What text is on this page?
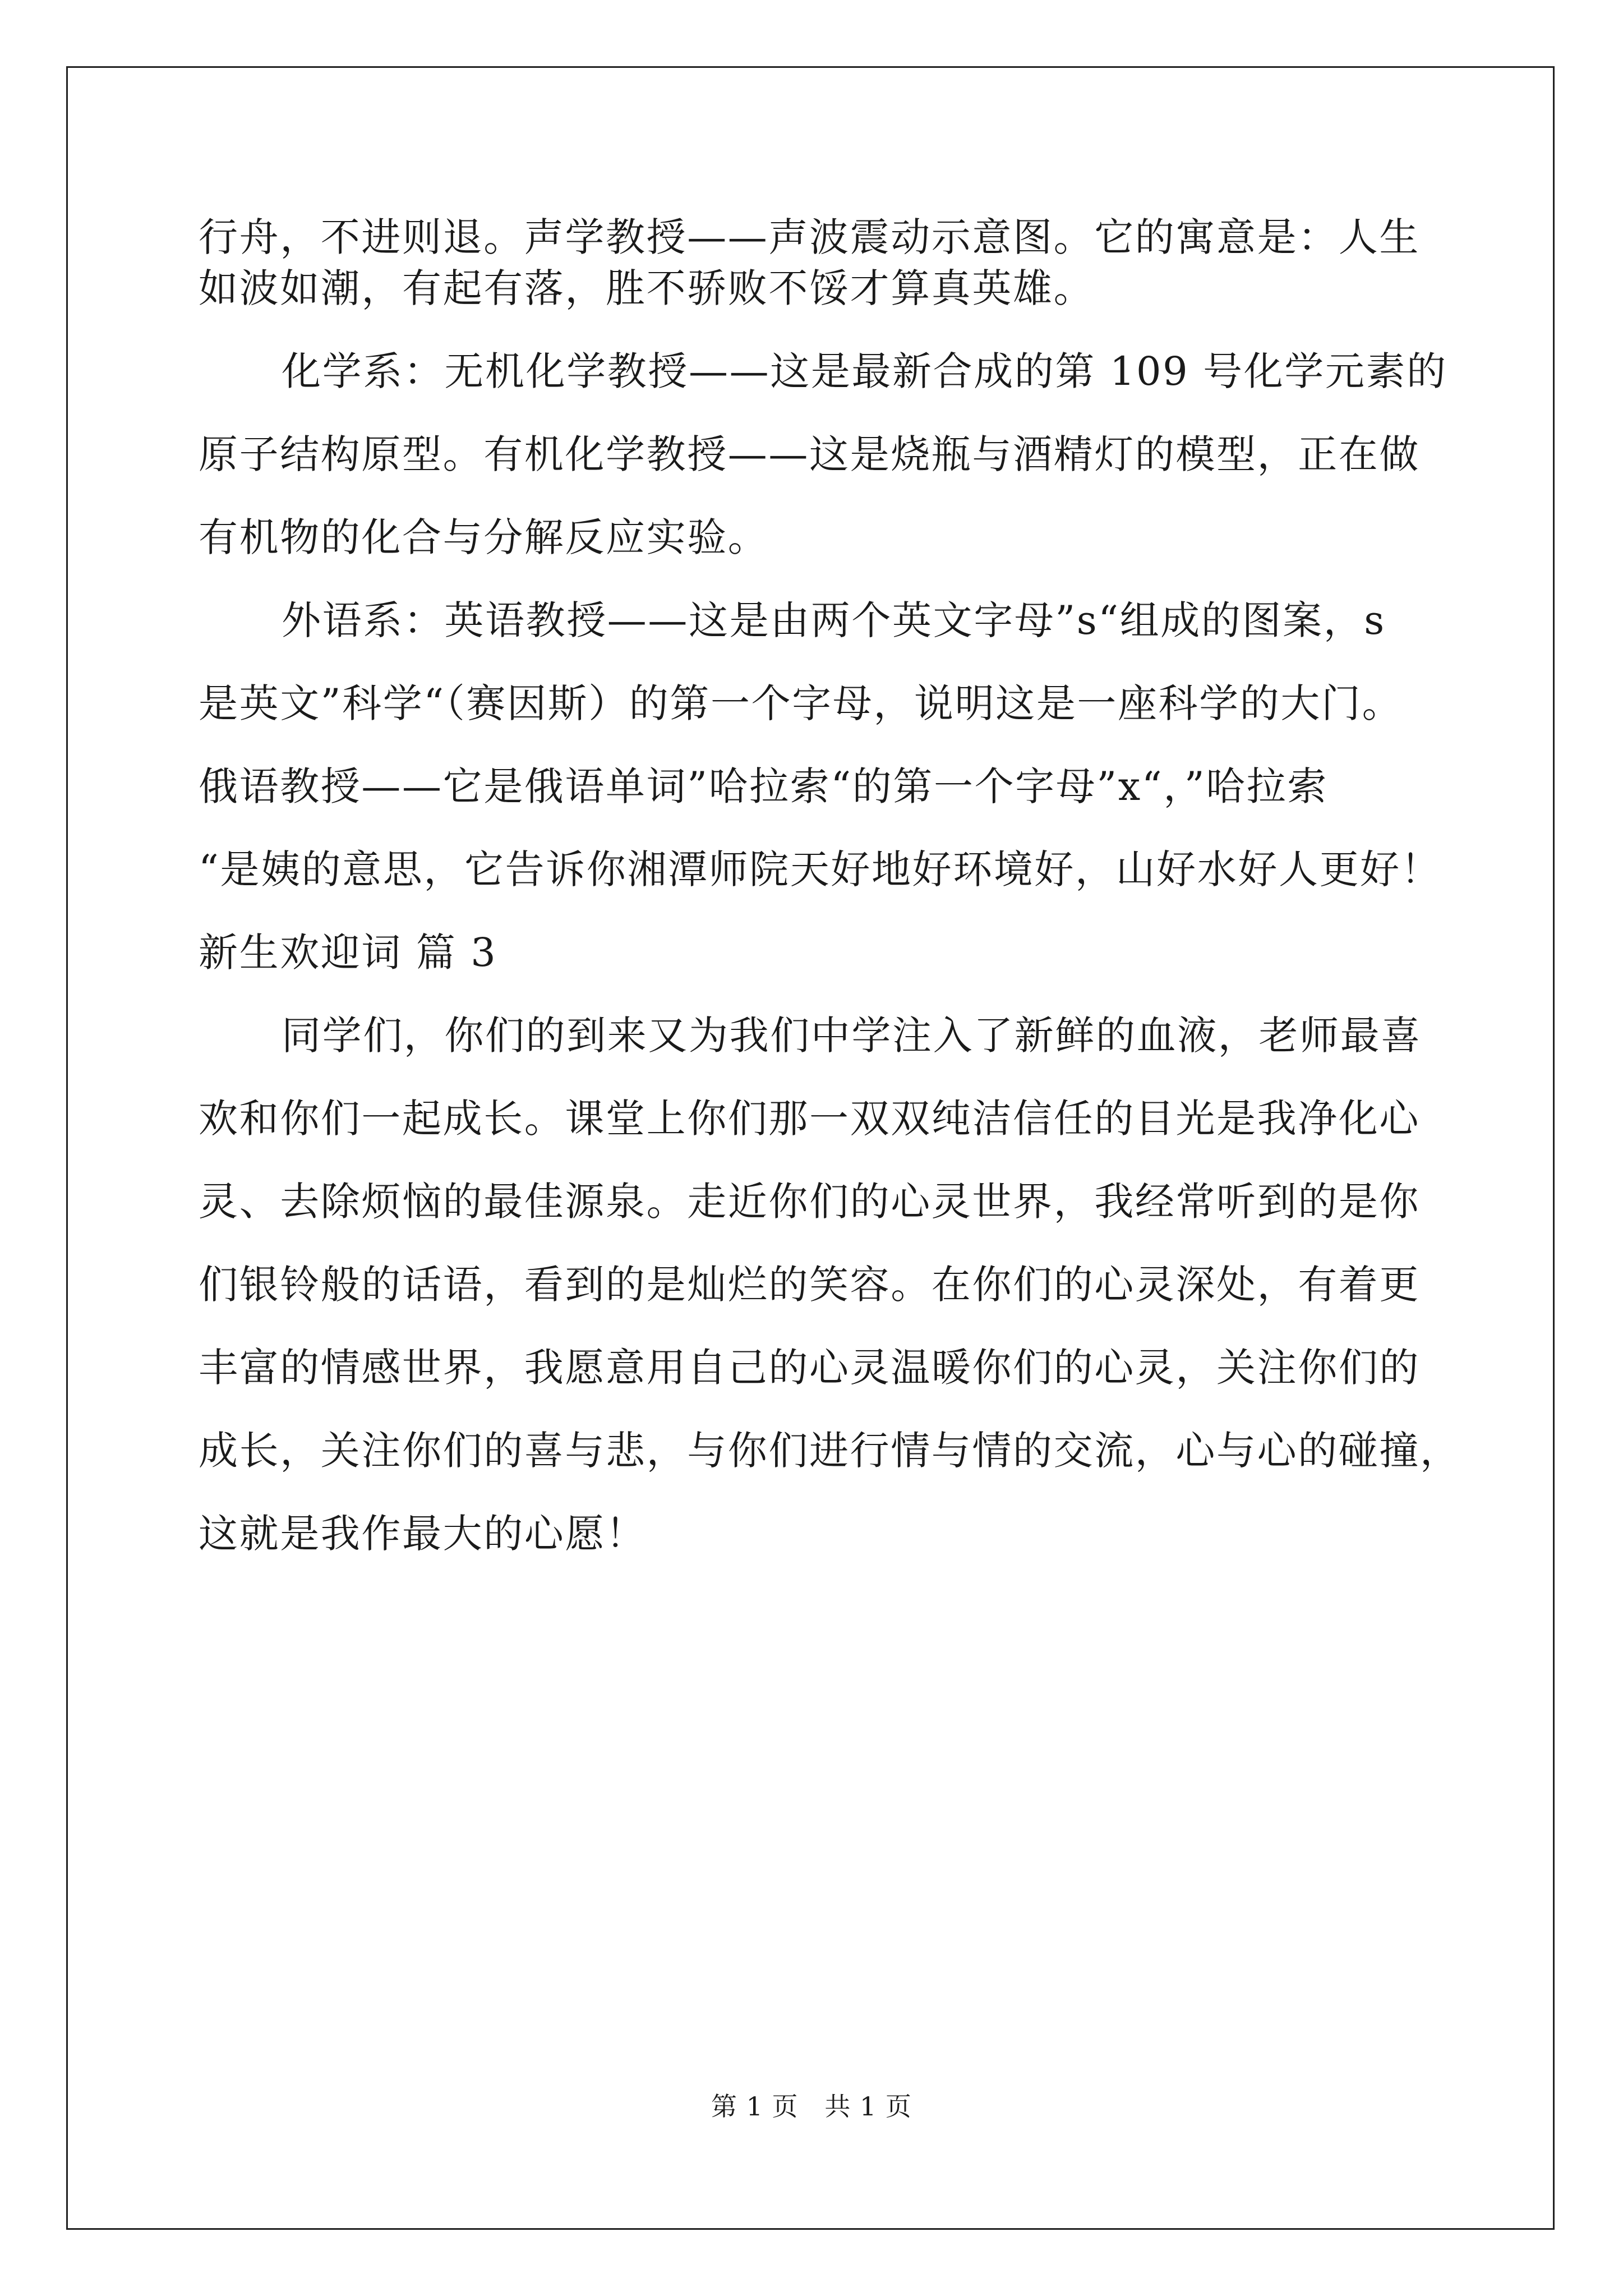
行舟，不进则退。声学教授——声波震动示意图。它的寓意是：人生
如波如潮，有起有落，胜不骄败不馁才算真英雄。
化学系：无机化学教授——这是最新合成的第 109 号化学元素的
原子结构原型。有机化学教授——这是烧瓶与酒精灯的模型，正在做
有机物的化合与分解反应实验。
外语系：英语教授——这是由两个英文字母”s“组成的图案，s
是英文”科学“（赛因斯）的第一个字母，说明这是一座科学的大门。
俄语教授——它是俄语单词”哈拉索“的第一个字母”x“，”哈拉索
“是姨的意思，它告诉你湘潭师院天好地好环境好，山好水好人更好！
新生欢迎词 篇 3
同学们，你们的到来又为我们中学注入了新鲜的血液，老师最喜
欢和你们一起成长。课堂上你们那一双双纯洁信任的目光是我净化心
灵、去除烦恼的最佳源泉。走近你们的心灵世界，我经常听到的是你
们银铃般的话语，看到的是灿烂的笑容。在你们的心灵深处，有着更
丰富的情感世界，我愿意用自己的心灵温暖你们的心灵，关注你们的
成长，关注你们的喜与悲，与你们进行情与情的交流，心与心的碰撞，
这就是我作最大的心愿！
第 1 页   共 1 页
